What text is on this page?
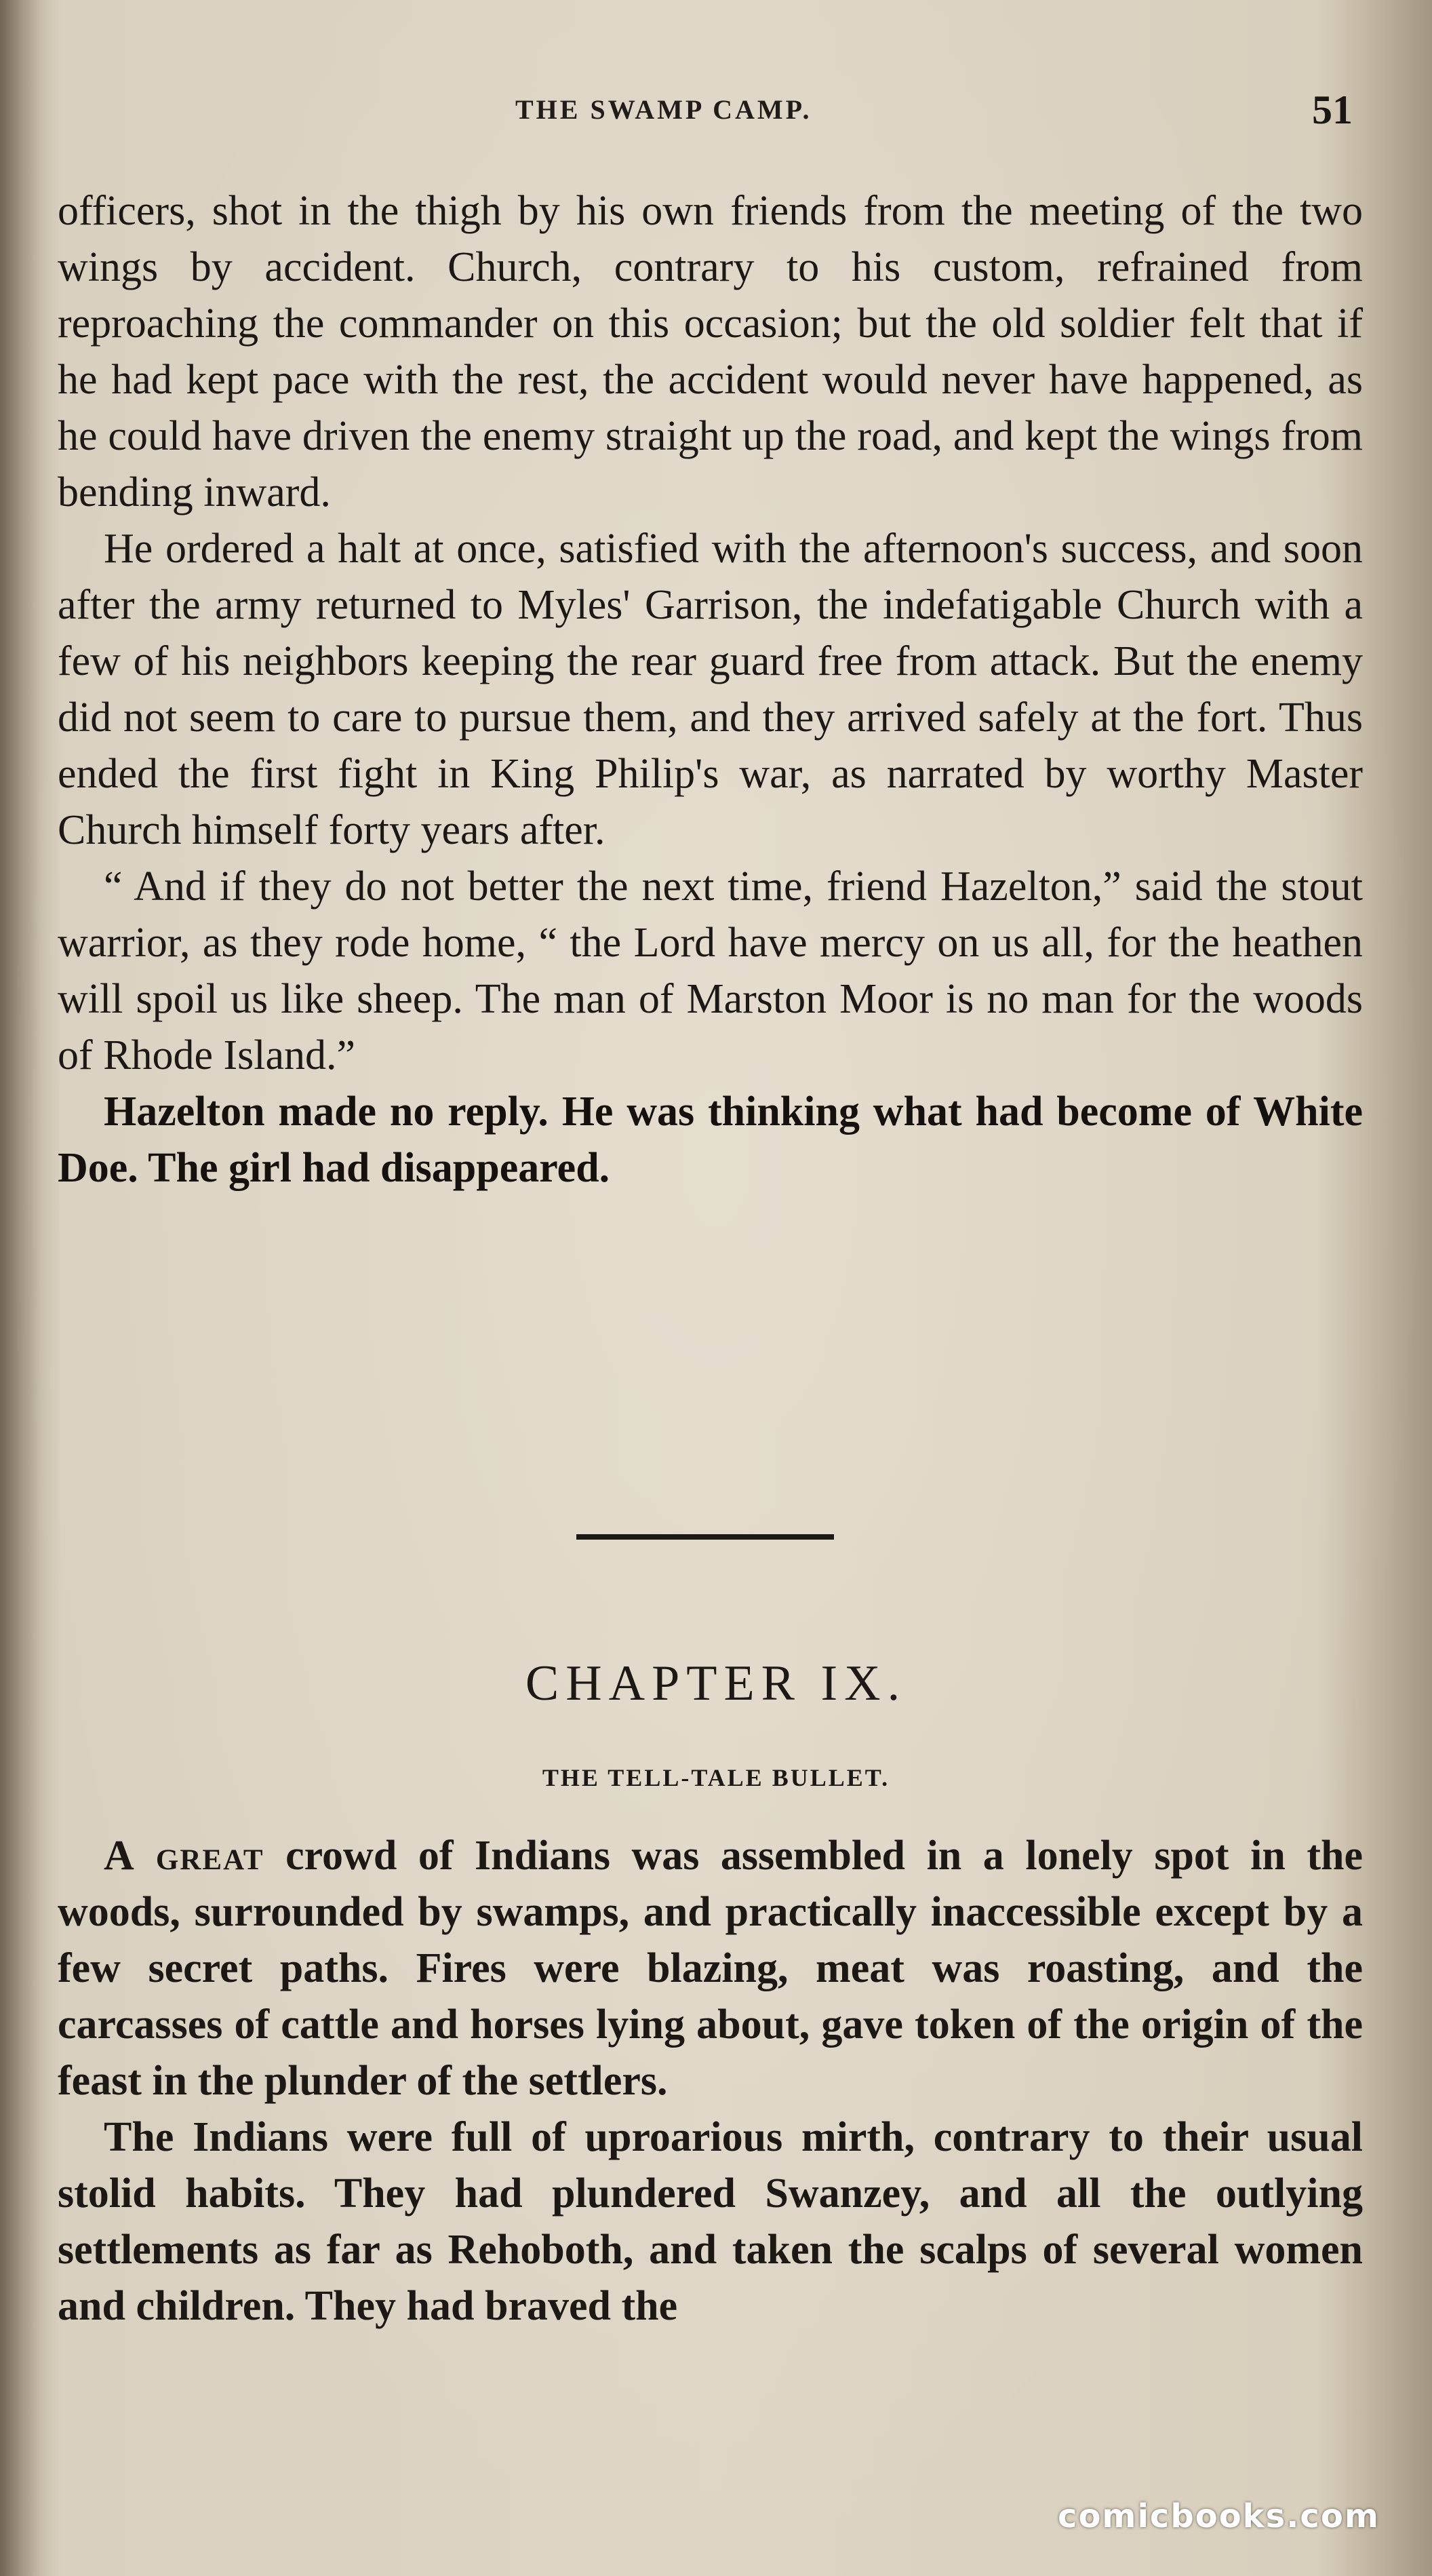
THE SWAMP CAMP.	51

officers, shot in the thigh by his own friends from the meeting of the two wings by accident. Church, contrary to his custom, refrained from reproaching the commander on this occasion; but the old soldier felt that if he had kept pace with the rest, the accident would never have happened, as he could have driven the enemy straight up the road, and kept the wings from bending inward.

He ordered a halt at once, satisfied with the afternoon's success, and soon after the army returned to Myles' Garrison, the indefatigable Church with a few of his neighbors keeping the rear guard free from attack. But the enemy did not seem to care to pursue them, and they arrived safely at the fort. Thus ended the first fight in King Philip's war, as narrated by worthy Master Church himself forty years after.

“ And if they do not better the next time, friend Hazelton,” said the stout warrior, as they rode home, “ the Lord have mercy on us all, for the heathen will spoil us like sheep. The man of Marston Moor is no man for the woods of Rhode Island.”

Hazelton made no reply. He was thinking what had become of White Doe. The girl had disappeared.

CHAPTER IX.
THE TELL-TALE BULLET.

A great crowd of Indians was assembled in a lonely spot in the woods, surrounded by swamps, and practically inaccessible except by a few secret paths. Fires were blazing, meat was roasting, and the carcasses of cattle and horses lying about, gave token of the origin of the feast in the plunder of the settlers.

The Indians were full of uproarious mirth, contrary to their usual stolid habits. They had plundered Swanzey, and all the outlying settlements as far as Rehoboth, and taken the scalps of several women and children. They had braved the

comicbooks.com
